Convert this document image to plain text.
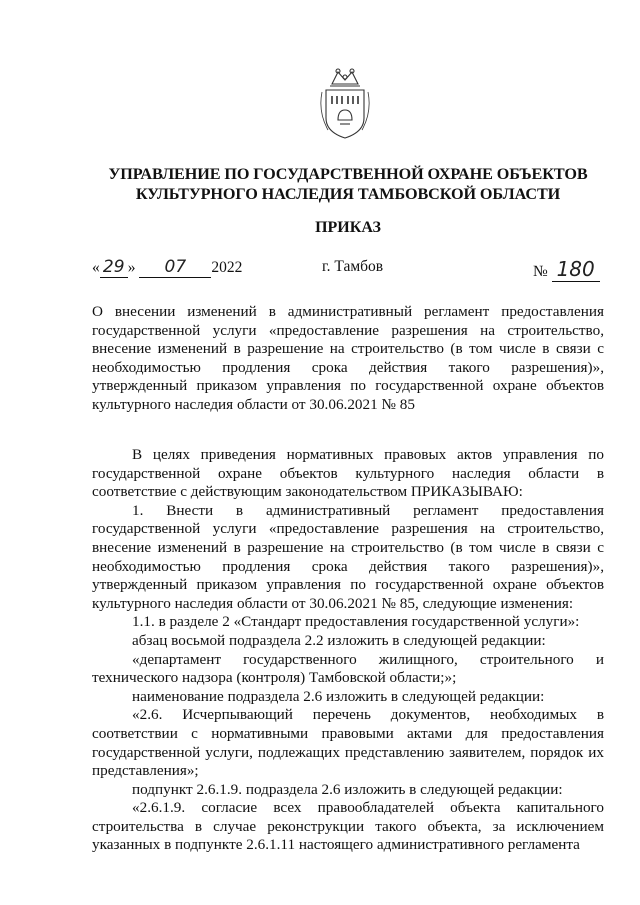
УПРАВЛЕНИЕ ПО ГОСУДАРСТВЕННОЙ ОХРАНЕ ОБЪЕКТОВ
КУЛЬТУРНОГО НАСЛЕДИЯ ТАМБОВСКОЙ ОБЛАСТИ
ПРИКАЗ
« 29 » 07 2022	г. Тамбов	№ 180
О внесении изменений в административный регламент предоставления государственной услуги «предоставление разрешения на строительство, внесение изменений в разрешение на строительство (в том числе в связи с необходимостью продления срока действия такого разрешения)», утвержденный приказом управления по государственной охране объектов культурного наследия области от 30.06.2021 № 85

В целях приведения нормативных правовых актов управления по государственной охране объектов культурного наследия области в соответствие с действующим законодательством ПРИКАЗЫВАЮ:

1. Внести в административный регламент предоставления государственной услуги «предоставление разрешения на строительство, внесение изменений в разрешение на строительство (в том числе в связи с необходимостью продления срока действия такого разрешения)», утвержденный приказом управления по государственной охране объектов культурного наследия области от 30.06.2021 № 85, следующие изменения:

1.1. в разделе 2 «Стандарт предоставления государственной услуги»:

абзац восьмой подраздела 2.2 изложить в следующей редакции:

«департамент государственного жилищного, строительного и технического надзора (контроля) Тамбовской области;»;

наименование подраздела 2.6 изложить в следующей редакции:

«2.6. Исчерпывающий перечень документов, необходимых в соответствии с нормативными правовыми актами для предоставления государственной услуги, подлежащих представлению заявителем, порядок их представления»;

подпункт 2.6.1.9. подраздела 2.6 изложить в следующей редакции:

«2.6.1.9. согласие всех правообладателей объекта капитального строительства в случае реконструкции такого объекта, за исключением указанных в подпункте 2.6.1.11 настоящего административного регламента
